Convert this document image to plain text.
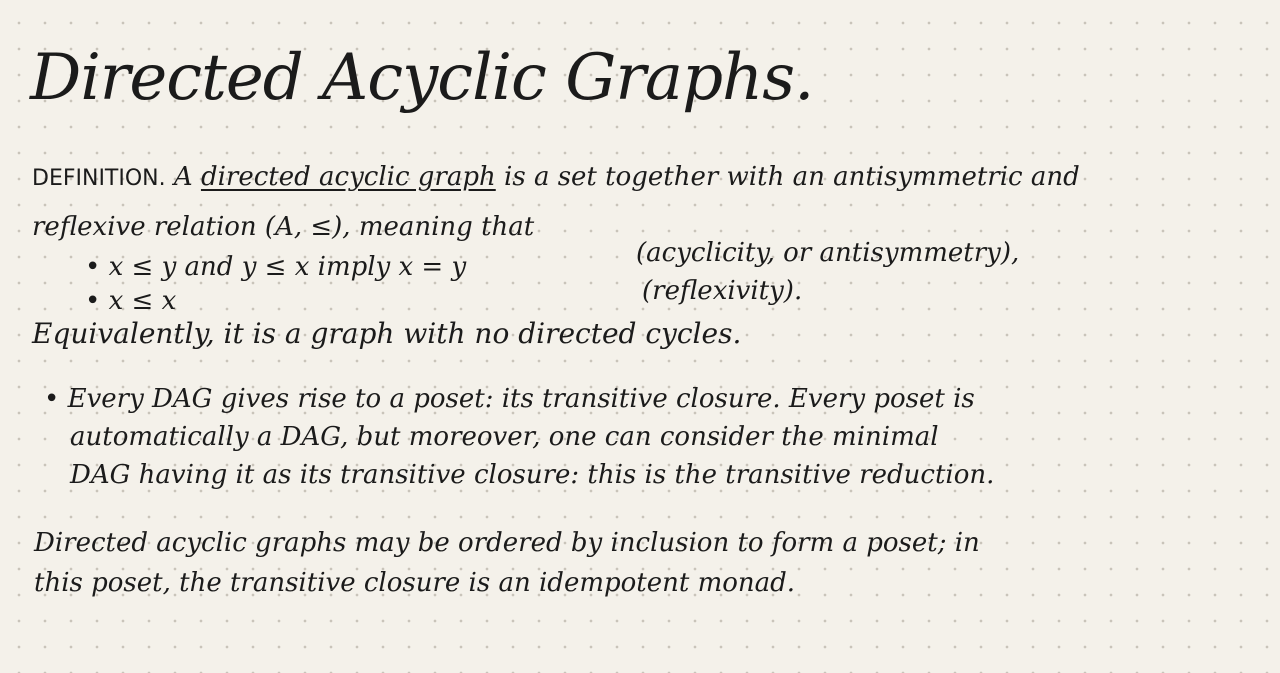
Directed Acyclic Graphs.
DEFINITION. A directed acyclic graph is a set together with an antisymmetric and
reflexive relation (A, ≤), meaning that
• x ≤ y and y ≤ x imply x = y	(acyclicity, or antisymmetry),
• x ≤ x	(reflexivity).
Equivalently, it is a graph with no directed cycles.
• Every DAG gives rise to a poset: its transitive closure. Every poset is
automatically a DAG, but moreover, one can consider the minimal
DAG having it as its transitive closure: this is the transitive reduction.
Directed acyclic graphs may be ordered by inclusion to form a poset; in
this poset, the transitive closure is an idempotent monad.
